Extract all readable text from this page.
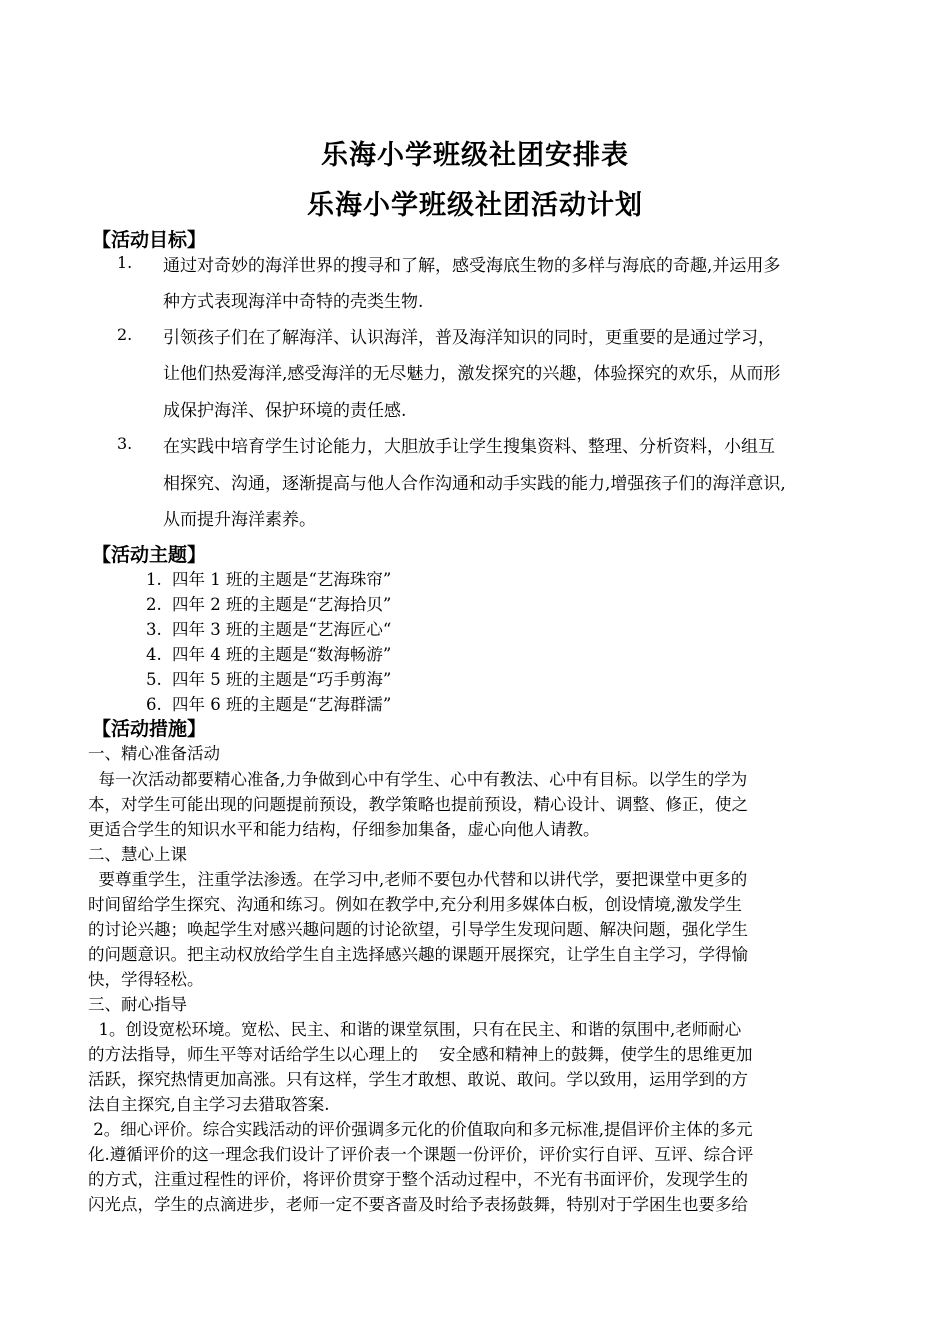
乐海小学班级社团安排表
乐海小学班级社团活动计划
【活动目标】
1. 通过对奇妙的海洋世界的搜寻和了解，感受海底生物的多样与海底的奇趣,并运用多
种方式表现海洋中奇特的壳类生物.
2. 引领孩子们在了解海洋、认识海洋，普及海洋知识的同时，更重要的是通过学习，
让他们热爱海洋,感受海洋的无尽魅力，激发探究的兴趣，体验探究的欢乐，从而形
成保护海洋、保护环境的责任感.
3. 在实践中培育学生讨论能力，大胆放手让学生搜集资料、整理、分析资料，小组互
相探究、沟通，逐渐提高与他人合作沟通和动手实践的能力,增强孩子们的海洋意识,
从而提升海洋素养。
【活动主题】
1. 四年 1 班的主题是“艺海珠帘”
2. 四年 2 班的主题是“艺海拾贝”
3. 四年 3 班的主题是“艺海匠心“
4. 四年 4 班的主题是“数海畅游”
5. 四年 5 班的主题是“巧手剪海”
6. 四年 6 班的主题是“艺海群濡”
【活动措施】
一、精心准备活动
每一次活动都要精心准备,力争做到心中有学生、心中有教法、心中有目标。以学生的学为
本，对学生可能出现的问题提前预设，教学策略也提前预设，精心设计、调整、修正，使之
更适合学生的知识水平和能力结构，仔细参加集备，虚心向他人请教。
二、慧心上课
要尊重学生，注重学法渗透。在学习中,老师不要包办代替和以讲代学，要把课堂中更多的
时间留给学生探究、沟通和练习。例如在教学中,充分利用多媒体白板，创设情境,激发学生
的讨论兴趣；唤起学生对感兴趣问题的讨论欲望，引导学生发现问题、解决问题，强化学生
的问题意识。把主动权放给学生自主选择感兴趣的课题开展探究，让学生自主学习，学得愉
快，学得轻松。
三、耐心指导
1。创设宽松环境。宽松、民主、和谐的课堂氛围，只有在民主、和谐的氛围中,老师耐心
的方法指导，师生平等对话给学生以心理上的    安全感和精神上的鼓舞，使学生的思维更加
活跃，探究热情更加高涨。只有这样，学生才敢想、敢说、敢问。学以致用，运用学到的方
法自主探究,自主学习去猎取答案.
2。细心评价。综合实践活动的评价强调多元化的价值取向和多元标准,提倡评价主体的多元
化.遵循评价的这一理念我们设计了评价表一个课题一份评价，评价实行自评、互评、综合评
的方式，注重过程性的评价，将评价贯穿于整个活动过程中，不光有书面评价，发现学生的
闪光点，学生的点滴进步，老师一定不要吝啬及时给予表扬鼓舞，特别对于学困生也要多给
